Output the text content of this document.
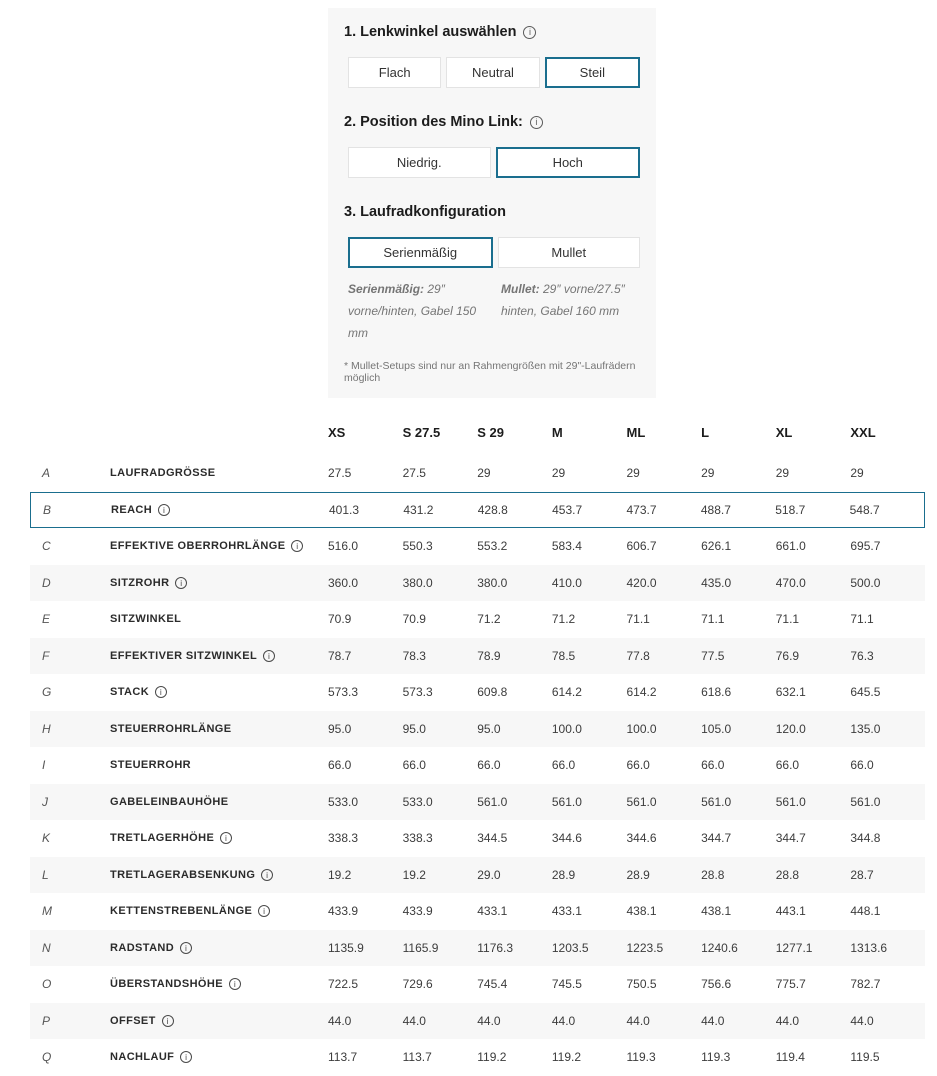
1. Lenkwinkel auswählen	i
Flach	Neutral	Steil
2. Position des Mino Link:	i
Niedrig.	Hoch
3. Laufradkonfiguration
Serienmäßig	Mullet
Serienmäßig: 29″ vorne/hinten, Gabel 150 mm
Mullet: 29″ vorne/27.5″ hinten, Gabel 160 mm
* Mullet-Setups sind nur an Rahmengrößen mit 29"-Laufrädern möglich
XS	S 27.5	S 29	M	ML	L	XL	XXL
A	LAUFRADGRÖSSE	27.5	27.5	29	29	29	29	29	29
B	REACH	i	401.3	431.2	428.8	453.7	473.7	488.7	518.7	548.7
C	EFFEKTIVE OBERROHRLÄNGE	i	516.0	550.3	553.2	583.4	606.7	626.1	661.0	695.7
D	SITZROHR	i	360.0	380.0	380.0	410.0	420.0	435.0	470.0	500.0
E	SITZWINKEL	70.9	70.9	71.2	71.2	71.1	71.1	71.1	71.1
F	EFFEKTIVER SITZWINKEL	i	78.7	78.3	78.9	78.5	77.8	77.5	76.9	76.3
G	STACK	i	573.3	573.3	609.8	614.2	614.2	618.6	632.1	645.5
H	STEUERROHRLÄNGE	95.0	95.0	95.0	100.0	100.0	105.0	120.0	135.0
I	STEUERROHR	66.0	66.0	66.0	66.0	66.0	66.0	66.0	66.0
J	GABELEINBAUHÖHE	533.0	533.0	561.0	561.0	561.0	561.0	561.0	561.0
K	TRETLAGERHÖHE	i	338.3	338.3	344.5	344.6	344.6	344.7	344.7	344.8
L	TRETLAGERABSENKUNG	i	19.2	19.2	29.0	28.9	28.9	28.8	28.8	28.7
M	KETTENSTREBENLÄNGE	i	433.9	433.9	433.1	433.1	438.1	438.1	443.1	448.1
N	RADSTAND	i	1135.9	1165.9	1176.3	1203.5	1223.5	1240.6	1277.1	1313.6
O	ÜBERSTANDSHÖHE	i	722.5	729.6	745.4	745.5	750.5	756.6	775.7	782.7
P	OFFSET	i	44.0	44.0	44.0	44.0	44.0	44.0	44.0	44.0
Q	NACHLAUF	i	113.7	113.7	119.2	119.2	119.3	119.3	119.4	119.5
